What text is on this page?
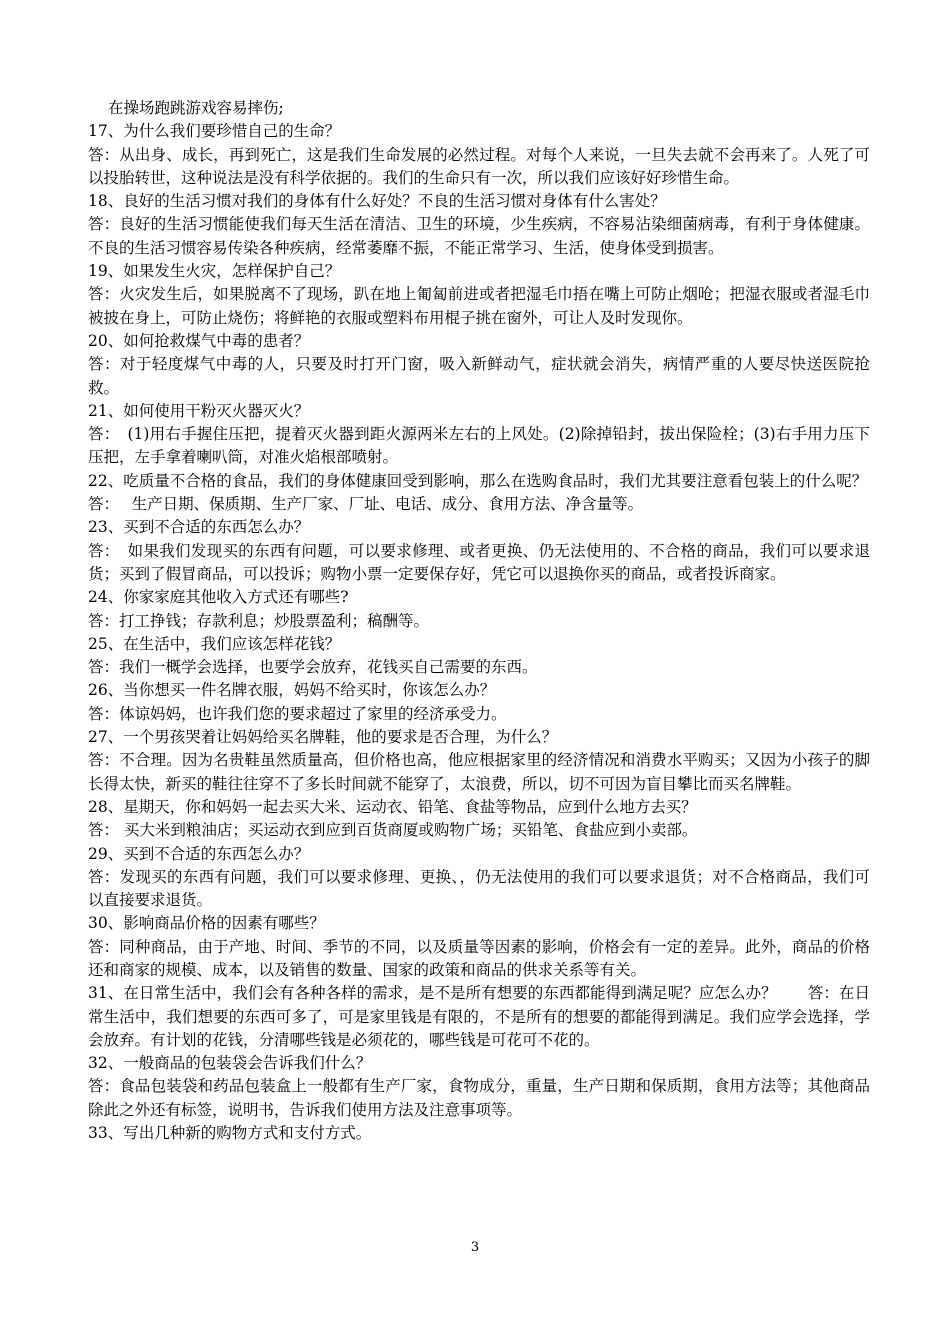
在操场跑跳游戏容易摔伤;

17、为什么我们要珍惜自己的生命？

答：从出身、成长，再到死亡，这是我们生命发展的必然过程。对每个人来说，一旦失去就不会再来了。人死了可以投胎转世，这种说法是没有科学依据的。我们的生命只有一次，所以我们应该好好珍惜生命。

18、良好的生活习惯对我们的身体有什么好处？不良的生活习惯对身体有什么害处？

答：良好的生活习惯能使我们每天生活在清洁、卫生的环境，少生疾病，不容易沾染细菌病毒，有利于身体健康。不良的生活习惯容易传染各种疾病，经常萎靡不振，不能正常学习、生活，使身体受到损害。

19、如果发生火灾，怎样保护自己？

答：火灾发生后，如果脱离不了现场，趴在地上匍匐前进或者把湿毛巾捂在嘴上可防止烟呛；把湿衣服或者湿毛巾被披在身上，可防止烧伤；将鲜艳的衣服或塑料布用棍子挑在窗外，可让人及时发现你。

20、如何抢救煤气中毒的患者？

答：对于轻度煤气中毒的人，只要及时打开门窗，吸入新鲜动气，症状就会消失，病情严重的人要尽快送医院抢救。

21、如何使用干粉灭火器灭火？

答：　(1)用右手握住压把，提着灭火器到距火源两米左右的上风处。(2)除掉铅封，拔出保险栓；(3)右手用力压下压把，左手拿着喇叭筒，对准火焰根部喷射。

22、吃质量不合格的食品，我们的身体健康回受到影响，那么在选购食品时，我们尤其要注意看包装上的什么呢？

答：　 生产日期、保质期、生产厂家、厂址、电话、成分、食用方法、净含量等。

23、买到不合适的东西怎么办？

答：　如果我们发现买的东西有问题，可以要求修理、或者更换、仍无法使用的、不合格的商品，我们可以要求退货；买到了假冒商品，可以投诉；购物小票一定要保存好，凭它可以退换你买的商品，或者投诉商家。

24、你家家庭其他收入方式还有哪些?

答：打工挣钱；存款利息；炒股票盈利；稿酬等。

25、在生活中，我们应该怎样花钱？

答：我们一概学会选择，也要学会放弃，花钱买自己需要的东西。

26、当你想买一件名牌衣服，妈妈不给买时，你该怎么办？

答：体谅妈妈，也许我们您的要求超过了家里的经济承受力。

27、一个男孩哭着让妈妈给买名牌鞋，他的要求是否合理，为什么？

答：不合理。因为名贵鞋虽然质量高，但价格也高，他应根据家里的经济情况和消费水平购买；又因为小孩子的脚长得太快，新买的鞋往往穿不了多长时间就不能穿了，太浪费，所以，切不可因为盲目攀比而买名牌鞋。

28、星期天，你和妈妈一起去买大米、运动衣、铅笔、食盐等物品，应到什么地方去买？

答： 买大米到粮油店；买运动衣到应到百货商厦或购物广场；买铅笔、食盐应到小卖部。

29、买到不合适的东西怎么办？

答：发现买的东西有问题，我们可以要求修理、更换、，仍无法使用的我们可以要求退货；对不合格商品，我们可以直接要求退货。

30、影响商品价格的因素有哪些？

答：同种商品，由于产地、时间、季节的不同，以及质量等因素的影响，价格会有一定的差异。此外，商品的价格还和商家的规模、成本，以及销售的数量、国家的政策和商品的供求关系等有关。

31、在日常生活中，我们会有各种各样的需求，是不是所有想要的东西都能得到满足呢？应怎么办？　　答：在日常生活中，我们想要的东西可多了，可是家里钱是有限的，不是所有的想要的都能得到满足。我们应学会选择，学会放弃。有计划的花钱，分清哪些钱是必须花的，哪些钱是可花可不花的。

32、一般商品的包装袋会告诉我们什么？

答：食品包装袋和药品包装盒上一般都有生产厂家，食物成分，重量，生产日期和保质期，食用方法等；其他商品除此之外还有标签，说明书，告诉我们使用方法及注意事项等。

33、写出几种新的购物方式和支付方式。

3
